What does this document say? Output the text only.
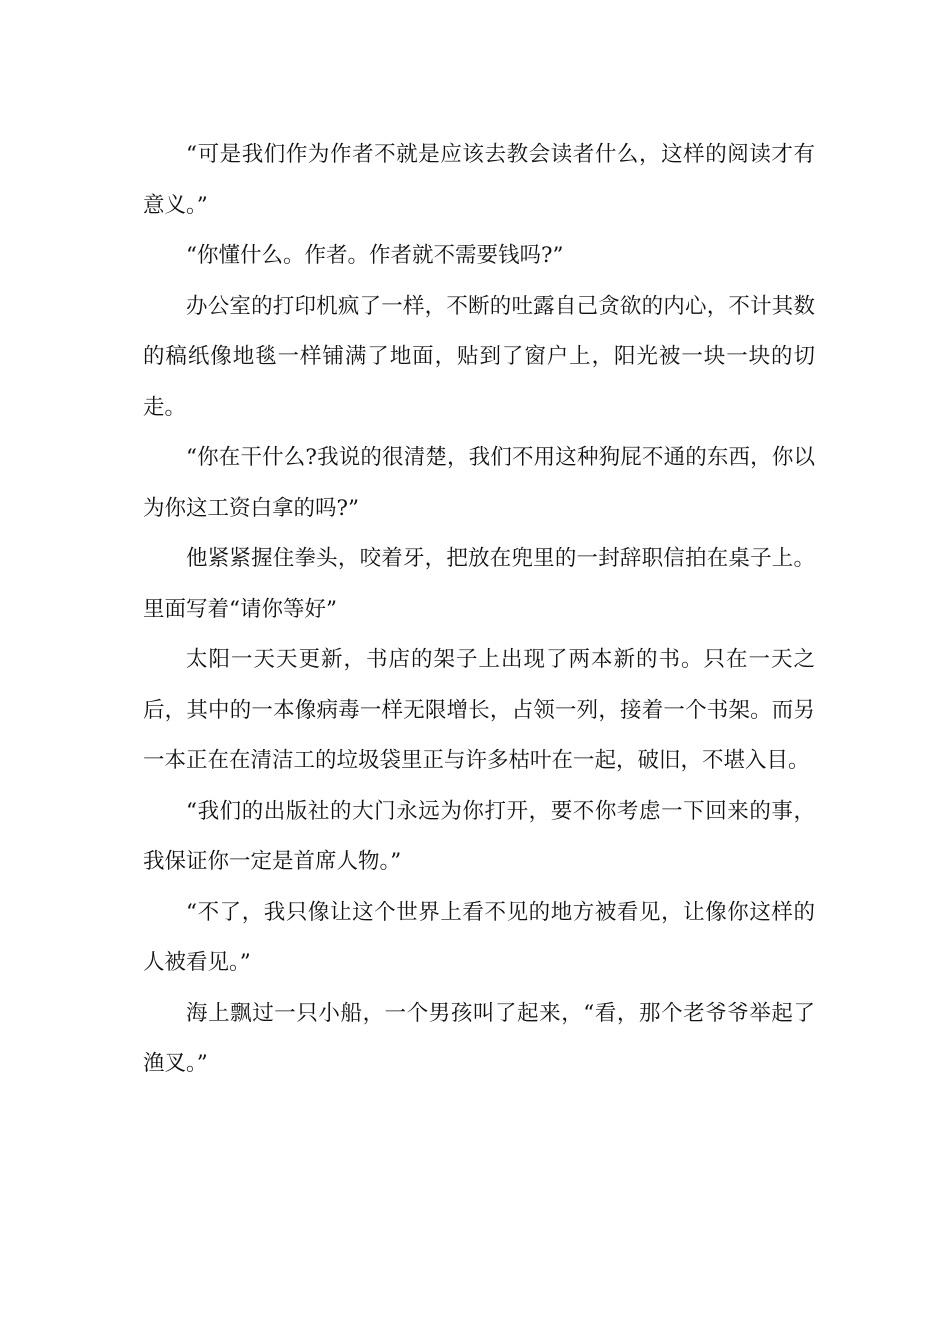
“可是我们作为作者不就是应该去教会读者什么，这样的阅读才有意义。”

“你懂什么。作者。作者就不需要钱吗?”

办公室的打印机疯了一样，不断的吐露自己贪欲的内心，不计其数的稿纸像地毯一样铺满了地面，贴到了窗户上，阳光被一块一块的切走。

“你在干什么?我说的很清楚，我们不用这种狗屁不通的东西，你以为你这工资白拿的吗?”

他紧紧握住拳头，咬着牙，把放在兜里的一封辞职信拍在桌子上。里面写着“请你等好”

太阳一天天更新，书店的架子上出现了两本新的书。只在一天之后，其中的一本像病毒一样无限增长，占领一列，接着一个书架。而另一本正在在清洁工的垃圾袋里正与许多枯叶在一起，破旧，不堪入目。

“我们的出版社的大门永远为你打开，要不你考虑一下回来的事，我保证你一定是首席人物。”

“不了，我只像让这个世界上看不见的地方被看见，让像你这样的人被看见。”

海上飘过一只小船，一个男孩叫了起来，“看，那个老爷爷举起了渔叉。”
